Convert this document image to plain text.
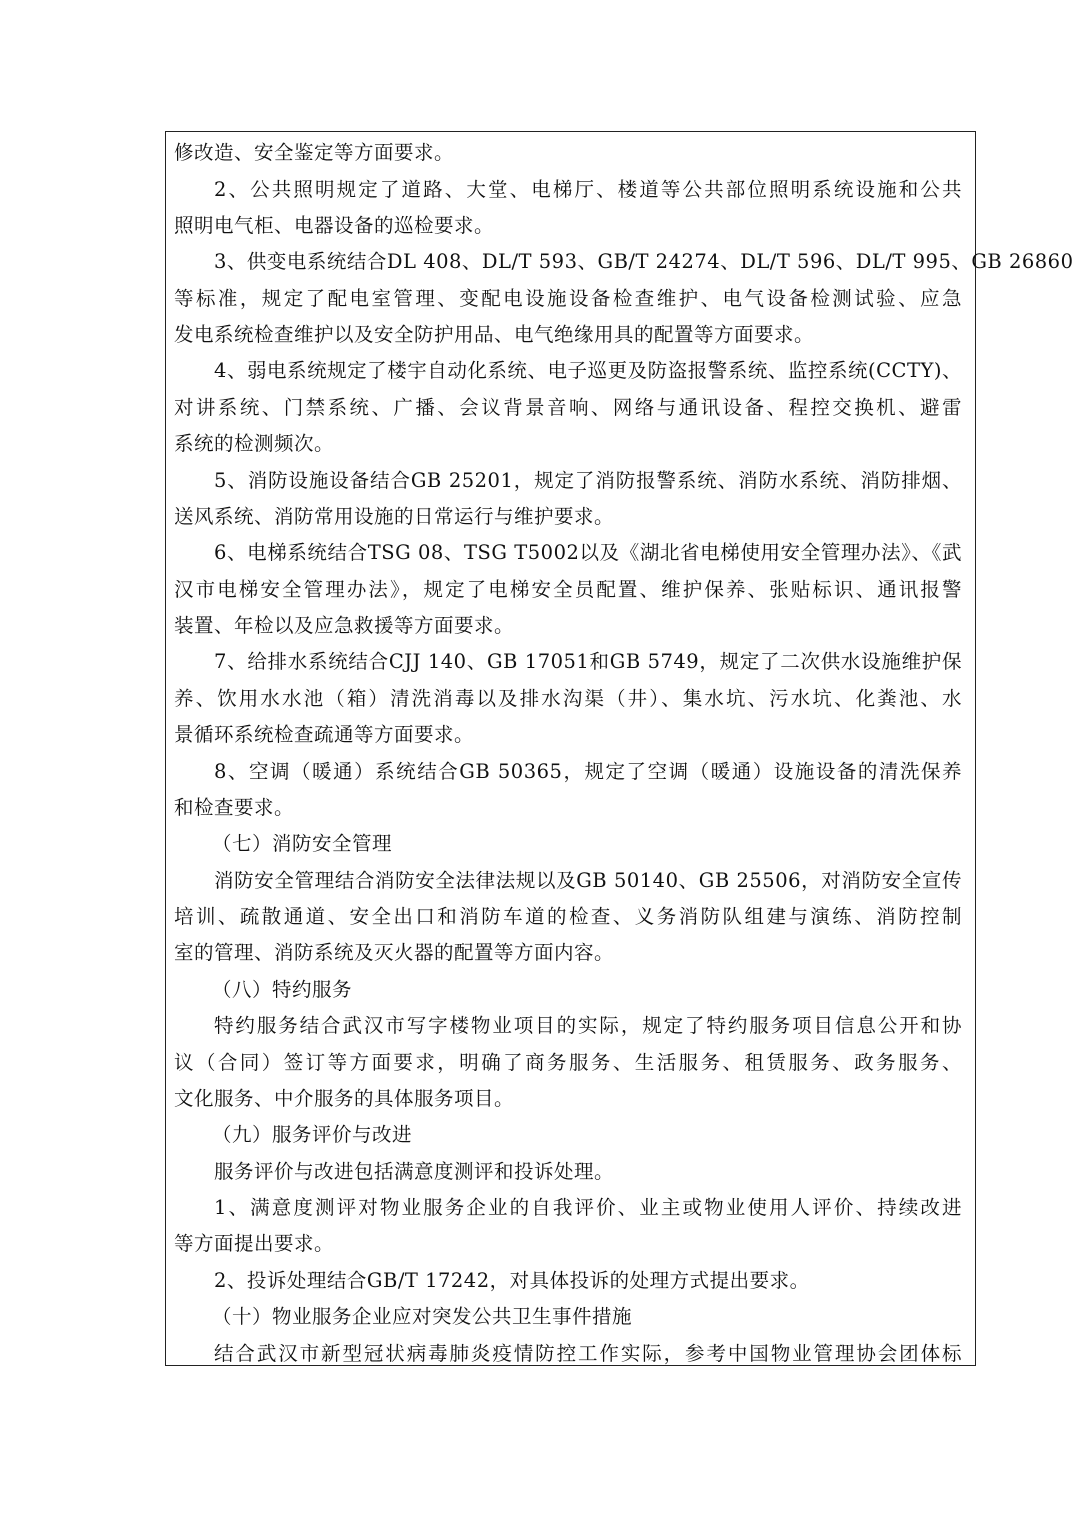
修改造、安全鉴定等方面要求。
2、公共照明规定了道路、大堂、电梯厅、楼道等公共部位照明系统设施和公共
照明电气柜、电器设备的巡检要求。
3、供变电系统结合DL 408、DL/T 593、GB/T 24274、DL/T 596、DL/T 995、GB 26860
等标准，规定了配电室管理、变配电设施设备检查维护、电气设备检测试验、应急
发电系统检查维护以及安全防护用品、电气绝缘用具的配置等方面要求。
4、弱电系统规定了楼宇自动化系统、电子巡更及防盗报警系统、监控系统(CCTY)、
对讲系统、门禁系统、广播、会议背景音响、网络与通讯设备、程控交换机、避雷
系统的检测频次。
5、消防设施设备结合GB 25201，规定了消防报警系统、消防水系统、消防排烟、
送风系统、消防常用设施的日常运行与维护要求。
6、电梯系统结合TSG 08、TSG T5002以及《湖北省电梯使用安全管理办法》、《武
汉市电梯安全管理办法》，规定了电梯安全员配置、维护保养、张贴标识、通讯报警
装置、年检以及应急救援等方面要求。
7、给排水系统结合CJJ 140、GB 17051和GB 5749，规定了二次供水设施维护保
养、饮用水水池（箱）清洗消毒以及排水沟渠（井）、集水坑、污水坑、化粪池、水
景循环系统检查疏通等方面要求。
8、空调（暖通）系统结合GB 50365，规定了空调（暖通）设施设备的清洗保养
和检查要求。
（七）消防安全管理
消防安全管理结合消防安全法律法规以及GB 50140、GB 25506，对消防安全宣传
培训、疏散通道、安全出口和消防车道的检查、义务消防队组建与演练、消防控制
室的管理、消防系统及灭火器的配置等方面内容。
（八）特约服务
特约服务结合武汉市写字楼物业项目的实际，规定了特约服务项目信息公开和协
议（合同）签订等方面要求，明确了商务服务、生活服务、租赁服务、政务服务、
文化服务、中介服务的具体服务项目。
（九）服务评价与改进
服务评价与改进包括满意度测评和投诉处理。
1、满意度测评对物业服务企业的自我评价、业主或物业使用人评价、持续改进
等方面提出要求。
2、投诉处理结合GB/T 17242，对具体投诉的处理方式提出要求。
（十）物业服务企业应对突发公共卫生事件措施
结合武汉市新型冠状病毒肺炎疫情防控工作实际，参考中国物业管理协会团体标
